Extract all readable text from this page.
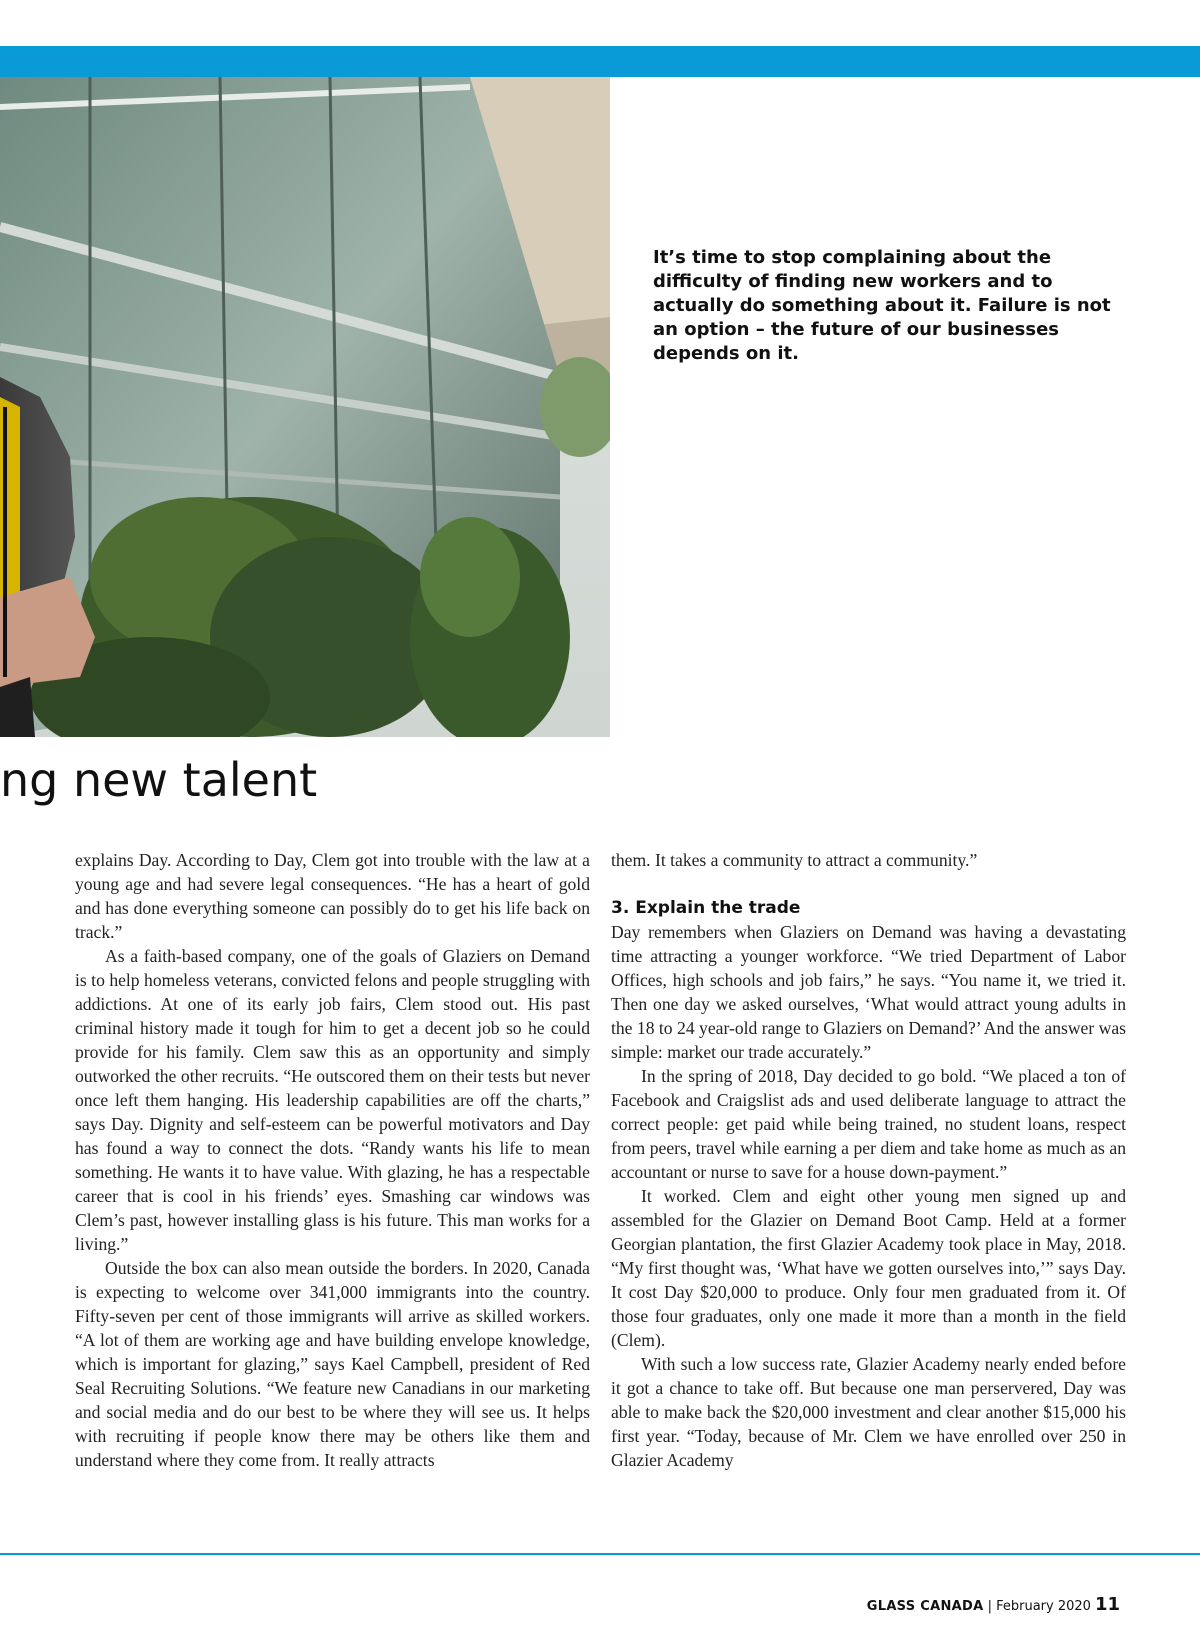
It’s time to stop complaining about the difficulty of finding new workers and to actually do something about it. Failure is not an option – the future of our businesses depends on it.
ng new talent

explains Day. According to Day, Clem got into trouble with the law at a young age and had severe legal consequences. “He has a heart of gold and has done everything someone can possibly do to get his life back on track.”

As a faith-based company, one of the goals of Glaziers on Demand is to help homeless veterans, convicted felons and people struggling with addictions. At one of its early job fairs, Clem stood out. His past criminal history made it tough for him to get a decent job so he could provide for his family. Clem saw this as an opportunity and simply outworked the other recruits. “He outscored them on their tests but never once left them hanging. His leadership capabilities are off the charts,” says Day. Dignity and self-esteem can be powerful motivators and Day has found a way to connect the dots. “Randy wants his life to mean something. He wants it to have value. With glazing, he has a respectable career that is cool in his friends’ eyes. Smashing car windows was Clem’s past, however installing glass is his future. This man works for a living.”

Outside the box can also mean outside the borders. In 2020, Canada is expecting to welcome over 341,000 immigrants into the country. Fifty-seven per cent of those immigrants will arrive as skilled workers. “A lot of them are working age and have building envelope knowledge, which is important for glazing,” says Kael Campbell, president of Red Seal Recruiting Solutions. “We feature new Canadians in our marketing and social media and do our best to be where they will see us. It helps with recruiting if people know there may be others like them and understand where they come from. It really attracts

them. It takes a community to attract a community.”

3. Explain the trade

Day remembers when Glaziers on Demand was having a devastating time attracting a younger workforce. “We tried Department of Labor Offices, high schools and job fairs,” he says. “You name it, we tried it. Then one day we asked ourselves, ‘What would attract young adults in the 18 to 24 year-old range to Glaziers on Demand?’ And the answer was simple: market our trade accurately.”

In the spring of 2018, Day decided to go bold. “We placed a ton of Facebook and Craigslist ads and used deliberate language to attract the correct people: get paid while being trained, no student loans, respect from peers, travel while earning a per diem and take home as much as an accountant or nurse to save for a house down-payment.”

It worked. Clem and eight other young men signed up and assembled for the Glazier on Demand Boot Camp. Held at a former Georgian plantation, the first Glazier Academy took place in May, 2018. “My first thought was, ‘What have we gotten ourselves into,’” says Day. It cost Day $20,000 to produce. Only four men graduated from it. Of those four graduates, only one made it more than a month in the field (Clem).

With such a low success rate, Glazier Academy nearly ended before it got a chance to take off. But because one man perservered, Day was able to make back the $20,000 investment and clear another $15,000 his first year. “Today, because of Mr. Clem we have enrolled over 250 in Glazier Academy

GLASS CANADA | February 2020 11
